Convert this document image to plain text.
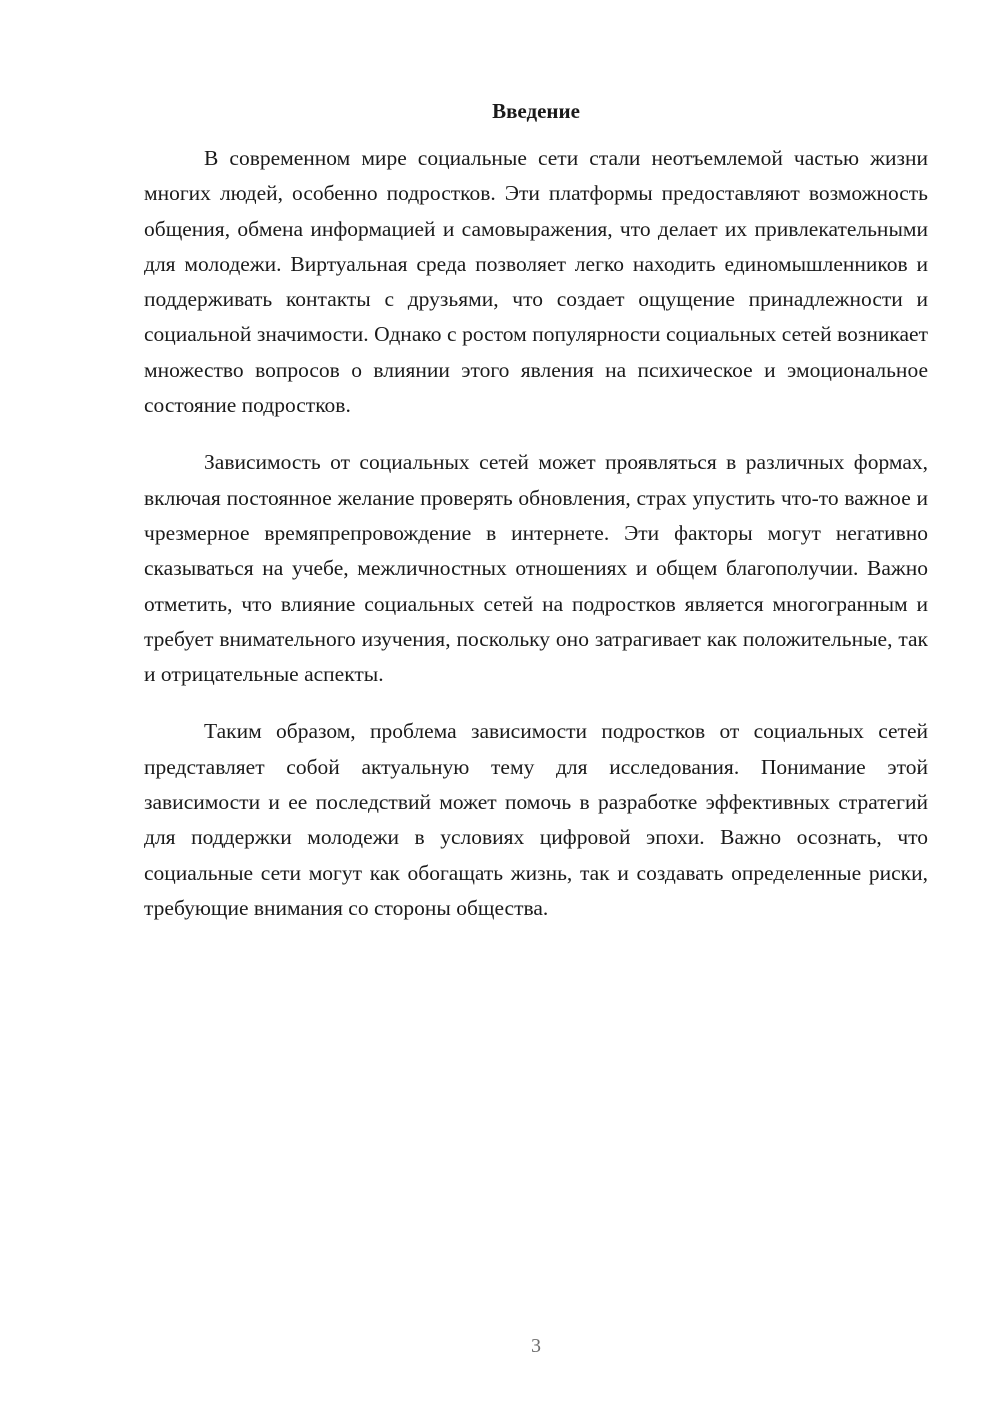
Введение

В современном мире социальные сети стали неотъемлемой частью жизни многих людей, особенно подростков. Эти платформы предоставляют возможность общения, обмена информацией и самовыражения, что делает их привлекательными для молодежи. Виртуальная среда позволяет легко находить единомышленников и поддерживать контакты с друзьями, что создает ощущение принадлежности и социальной значимости. Однако с ростом популярности социальных сетей возникает множество вопросов о влиянии этого явления на психическое и эмоциональное состояние подростков.

Зависимость от социальных сетей может проявляться в различных формах, включая постоянное желание проверять обновления, страх упустить что-то важное и чрезмерное времяпрепровождение в интернете. Эти факторы могут негативно сказываться на учебе, межличностных отношениях и общем благополучии. Важно отметить, что влияние социальных сетей на подростков является многогранным и требует внимательного изучения, поскольку оно затрагивает как положительные, так и отрицательные аспекты.

Таким образом, проблема зависимости подростков от социальных сетей представляет собой актуальную тему для исследования. Понимание этой зависимости и ее последствий может помочь в разработке эффективных стратегий для поддержки молодежи в условиях цифровой эпохи. Важно осознать, что социальные сети могут как обогащать жизнь, так и создавать определенные риски, требующие внимания со стороны общества.

3
